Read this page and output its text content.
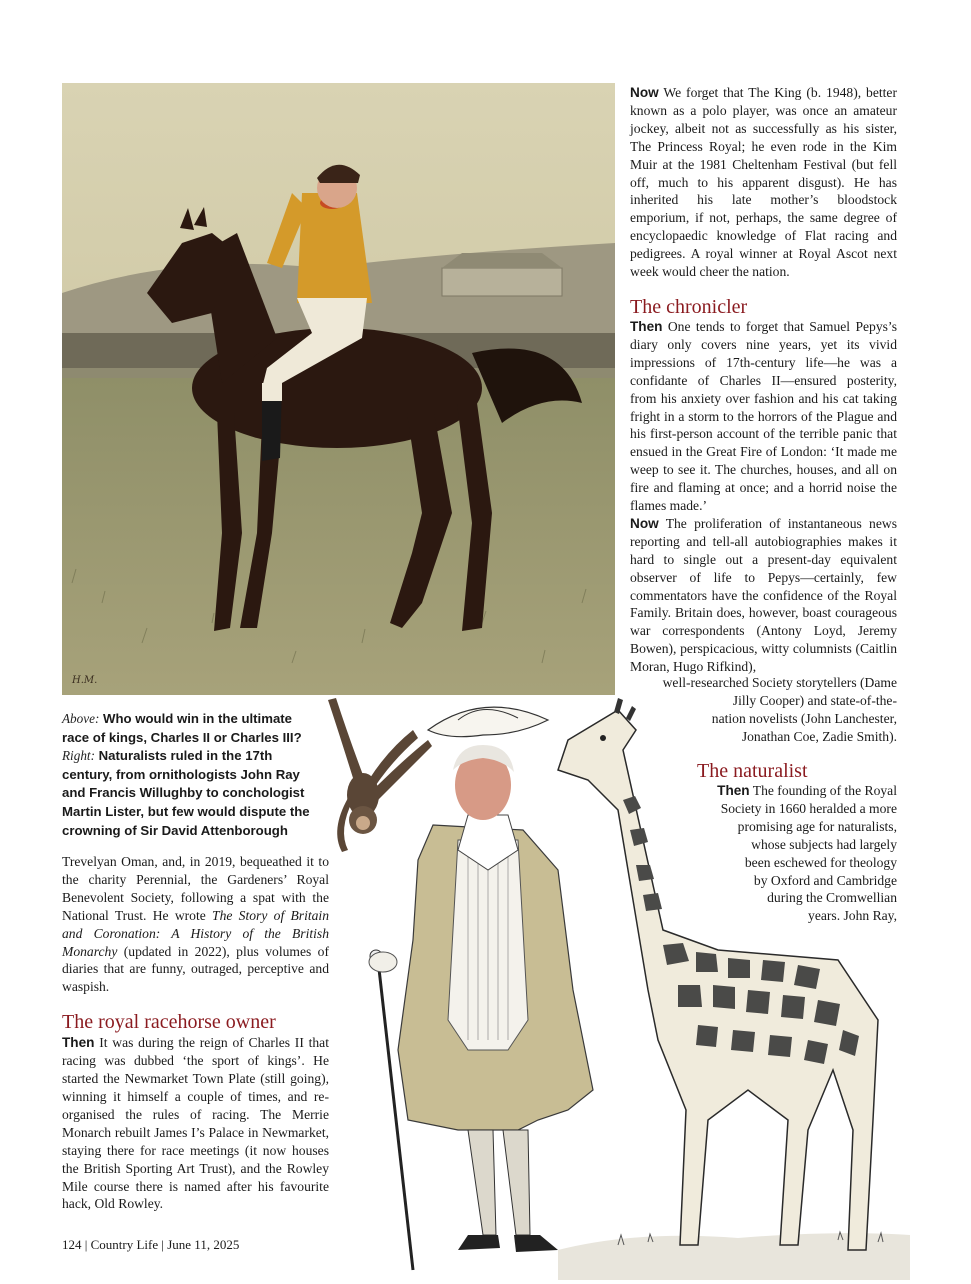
H.M.

Now We forget that The King (b. 1948), better known as a polo player, was once an amateur jockey, albeit not as successfully as his sister, The Princess Royal; he even rode in the Kim Muir at the 1981 Cheltenham Festival (but fell off, much to his apparent disgust). He has inherited his late mother’s bloodstock emporium, if not, perhaps, the same degree of encyclopaedic knowledge of Flat racing and pedigrees. A royal winner at Royal Ascot next week would cheer the nation.

The chronicler

Then One tends to forget that Samuel Pepys’s diary only covers nine years, yet its vivid impressions of 17th-century life—he was a confidante of Charles II—ensured posterity, from his anxiety over fashion and his cat taking fright in a storm to the horrors of the Plague and his first-person account of the terrible panic that ensued in the Great Fire of London: ‘It made me weep to see it. The churches, houses, and all on fire and flaming at once; and a horrid noise the flames made.’

Now The proliferation of instantaneous news reporting and tell-all autobiographies makes it hard to single out a present-day equivalent observer of life to Pepys—certainly, few commentators have the confidence of the Royal Family. Britain does, however, boast courageous war correspondents (Antony Loyd, Jeremy Bowen), perspicacious, witty columnists (Caitlin Moran, Hugo Rifkind),

well-researched Society storytellers (Dame
Jilly Cooper) and state-of-the-
nation novelists (John Lanchester,
Jonathan Coe, Zadie Smith).
Above: Who would win in the ultimate race of kings, Charles II or Charles III?
Right: Naturalists ruled in the 17th century, from ornithologists John Ray and Francis Willughby to conchologist Martin Lister, but few would dispute the crowning of Sir David Attenborough
The naturalist
Then The founding of the Royal
Society in 1660 heralded a more
promising age for naturalists,
whose subjects had largely
been eschewed for theology
by Oxford and Cambridge
during the Cromwellian
years. John Ray,

Trevelyan Oman, and, in 2019, bequeathed it to the charity Perennial, the Gardeners’ Royal Benevolent Society, following a spat with the National Trust. He wrote The Story of Britain and Coronation: A History of the British Monarchy (updated in 2022), plus volumes of diaries that are funny, outraged, perceptive and waspish.

The royal racehorse owner

Then It was during the reign of Charles II that racing was dubbed ‘the sport of kings’. He started the Newmarket Town Plate (still going), winning it himself a couple of times, and re-organised the rules of racing. The Merrie Monarch rebuilt James I’s Palace in Newmarket, staying there for race meetings (it now houses the British Sporting Art Trust), and the Rowley Mile course there is named after his favourite hack, Old Rowley.

124 | Country Life | June 11, 2025
